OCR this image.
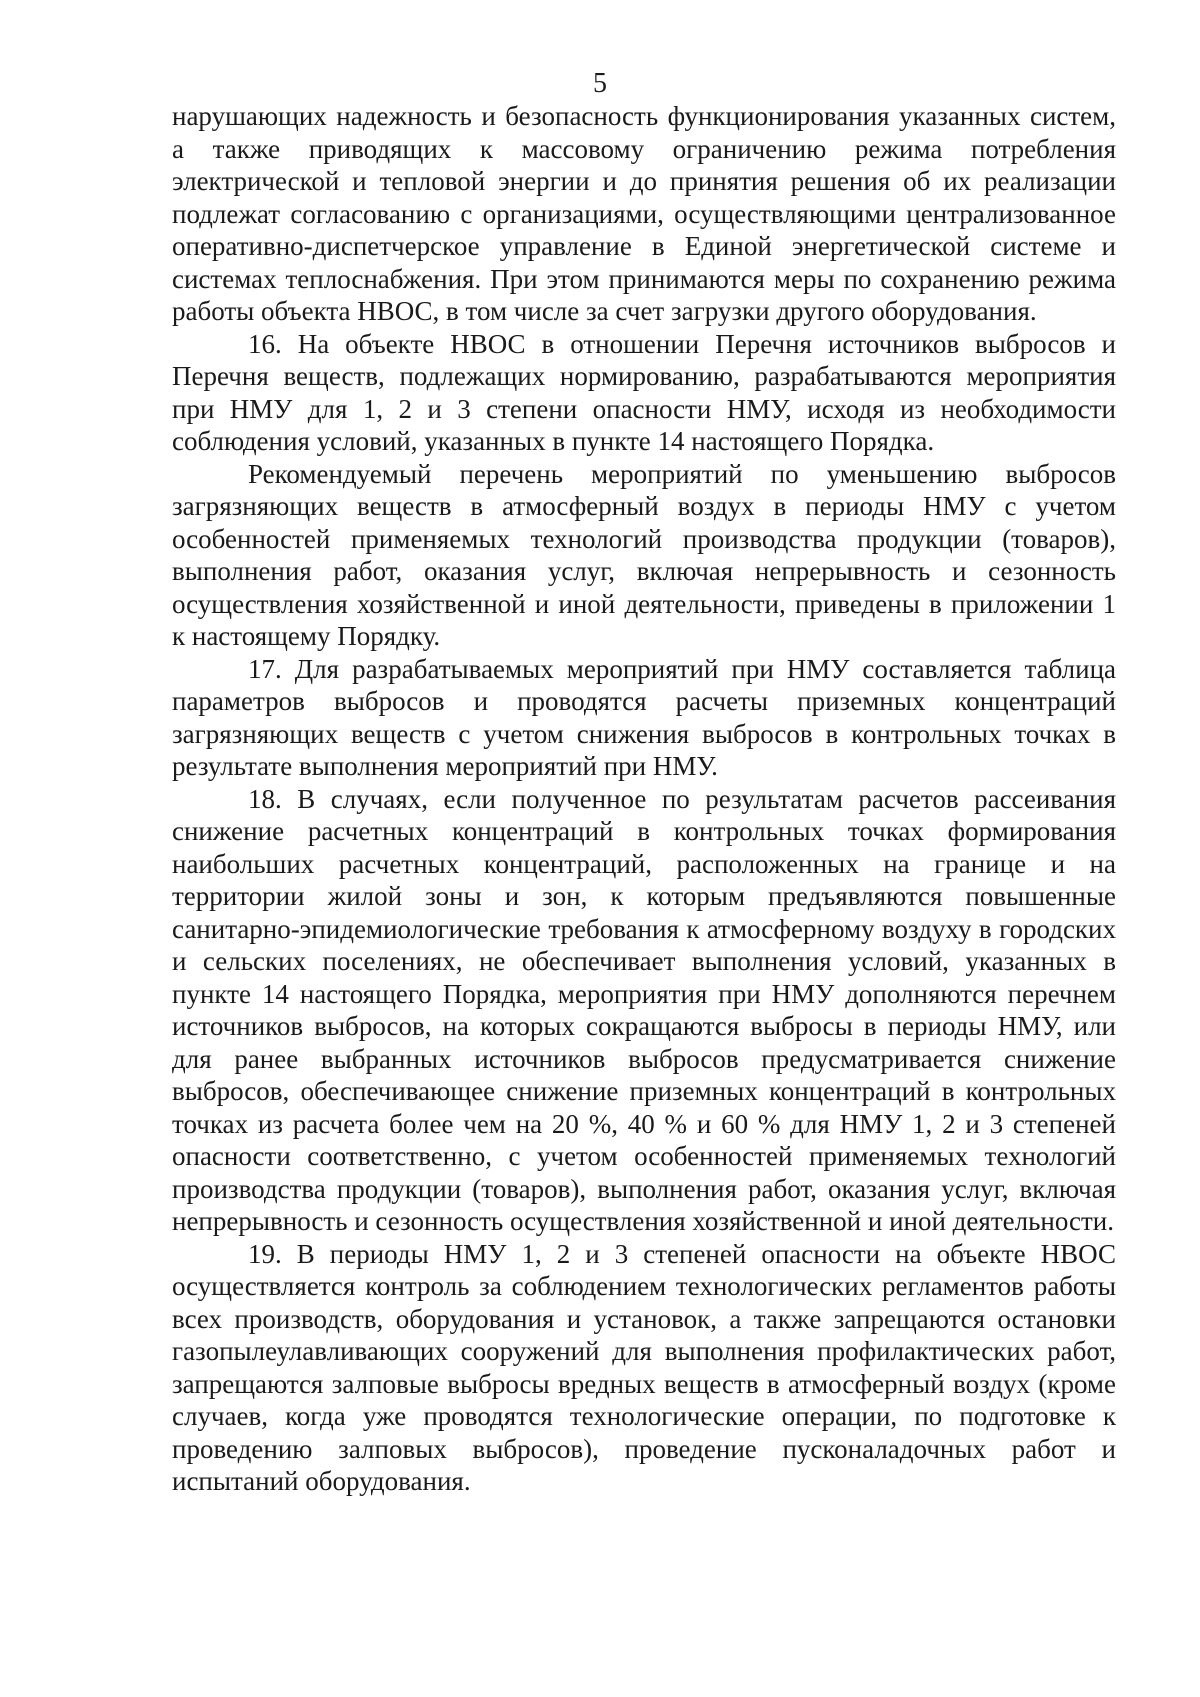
5

нарушающих надежность и безопасность функционирования указанных систем, а также приводящих к массовому ограничению режима потребления электрической и тепловой энергии и до принятия решения об их реализации подлежат согласованию с организациями, осуществляющими централизованное оперативно-диспетчерское управление в Единой энергетической системе и системах теплоснабжения. При этом принимаются меры по сохранению режима работы объекта НВОС, в том числе за счет загрузки другого оборудования.

16. На объекте НВОС в отношении Перечня источников выбросов и Перечня веществ, подлежащих нормированию, разрабатываются мероприятия при НМУ для 1, 2 и 3 степени опасности НМУ, исходя из необходимости соблюдения условий, указанных в пункте 14 настоящего Порядка.

Рекомендуемый перечень мероприятий по уменьшению выбросов загрязняющих веществ в атмосферный воздух в периоды НМУ с учетом особенностей применяемых технологий производства продукции (товаров), выполнения работ, оказания услуг, включая непрерывность и сезонность осуществления хозяйственной и иной деятельности, приведены в приложении 1 к настоящему Порядку.

17. Для разрабатываемых мероприятий при НМУ составляется таблица параметров выбросов и проводятся расчеты приземных концентраций загрязняющих веществ с учетом снижения выбросов в контрольных точках в результате выполнения мероприятий при НМУ.

18. В случаях, если полученное по результатам расчетов рассеивания снижение расчетных концентраций в контрольных точках формирования наибольших расчетных концентраций, расположенных на границе и на территории жилой зоны и зон, к которым предъявляются повышенные санитарно-эпидемиологические требования к атмосферному воздуху в городских и сельских поселениях, не обеспечивает выполнения условий, указанных в пункте 14 настоящего Порядка, мероприятия при НМУ дополняются перечнем источников выбросов, на которых сокращаются выбросы в периоды НМУ, или для ранее выбранных источников выбросов предусматривается снижение выбросов, обеспечивающее снижение приземных концентраций в контрольных точках из расчета более чем на 20 %, 40 % и 60 % для НМУ 1, 2 и 3 степеней опасности соответственно, с учетом особенностей применяемых технологий производства продукции (товаров), выполнения работ, оказания услуг, включая непрерывность и сезонность осуществления хозяйственной и иной деятельности.

19. В периоды НМУ 1, 2 и 3 степеней опасности на объекте НВОС осуществляется контроль за соблюдением технологических регламентов работы всех производств, оборудования и установок, а также запрещаются остановки газопылеулавливающих сооружений для выполнения профилактических работ, запрещаются залповые выбросы вредных веществ в атмосферный воздух (кроме случаев, когда уже проводятся технологические операции, по подготовке к проведению залповых выбросов), проведение пусконаладочных работ и испытаний оборудования.
